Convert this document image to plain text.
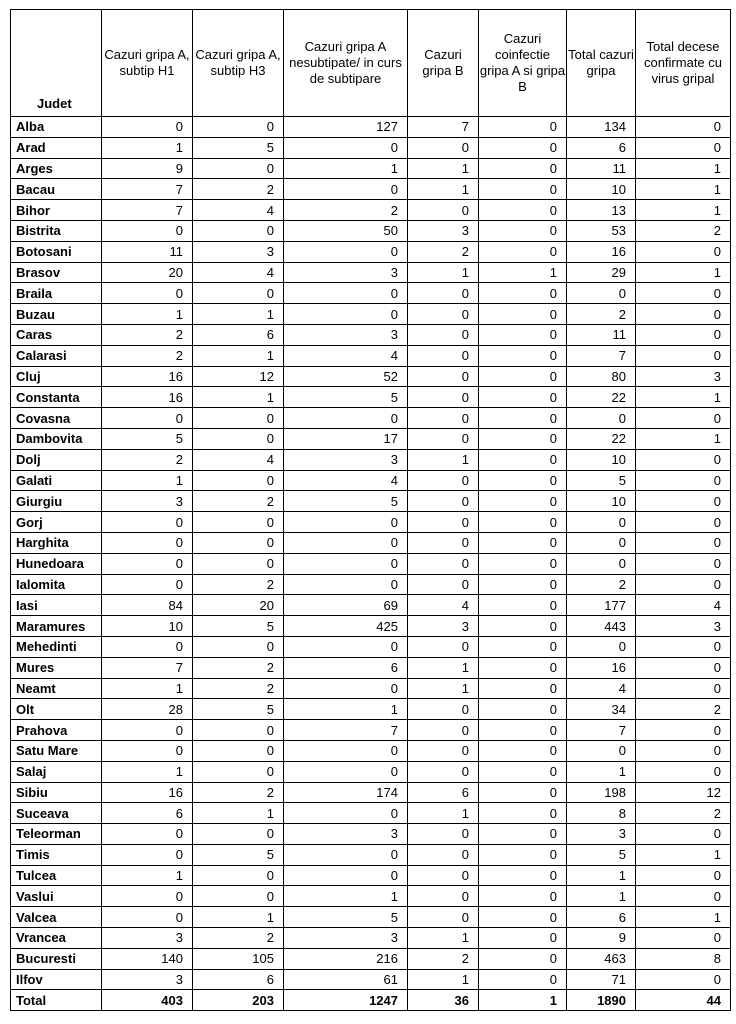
Judet	Cazuri gripa A, subtip H1	Cazuri gripa A, subtip H3	Cazuri gripa A nesubtipate/ in curs de subtipare	Cazuri gripa B	Cazuri coinfectie gripa A si gripa B	Total cazuri gripa	Total decese confirmate cu virus gripal
Alba	0	0	127	7	0	134	0
Arad	1	5	0	0	0	6	0
Arges	9	0	1	1	0	11	1
Bacau	7	2	0	1	0	10	1
Bihor	7	4	2	0	0	13	1
Bistrita	0	0	50	3	0	53	2
Botosani	11	3	0	2	0	16	0
Brasov	20	4	3	1	1	29	1
Braila	0	0	0	0	0	0	0
Buzau	1	1	0	0	0	2	0
Caras	2	6	3	0	0	11	0
Calarasi	2	1	4	0	0	7	0
Cluj	16	12	52	0	0	80	3
Constanta	16	1	5	0	0	22	1
Covasna	0	0	0	0	0	0	0
Dambovita	5	0	17	0	0	22	1
Dolj	2	4	3	1	0	10	0
Galati	1	0	4	0	0	5	0
Giurgiu	3	2	5	0	0	10	0
Gorj	0	0	0	0	0	0	0
Harghita	0	0	0	0	0	0	0
Hunedoara	0	0	0	0	0	0	0
Ialomita	0	2	0	0	0	2	0
Iasi	84	20	69	4	0	177	4
Maramures	10	5	425	3	0	443	3
Mehedinti	0	0	0	0	0	0	0
Mures	7	2	6	1	0	16	0
Neamt	1	2	0	1	0	4	0
Olt	28	5	1	0	0	34	2
Prahova	0	0	7	0	0	7	0
Satu Mare	0	0	0	0	0	0	0
Salaj	1	0	0	0	0	1	0
Sibiu	16	2	174	6	0	198	12
Suceava	6	1	0	1	0	8	2
Teleorman	0	0	3	0	0	3	0
Timis	0	5	0	0	0	5	1
Tulcea	1	0	0	0	0	1	0
Vaslui	0	0	1	0	0	1	0
Valcea	0	1	5	0	0	6	1
Vrancea	3	2	3	1	0	9	0
Bucuresti	140	105	216	2	0	463	8
Ilfov	3	6	61	1	0	71	0
Total	403	203	1247	36	1	1890	44
